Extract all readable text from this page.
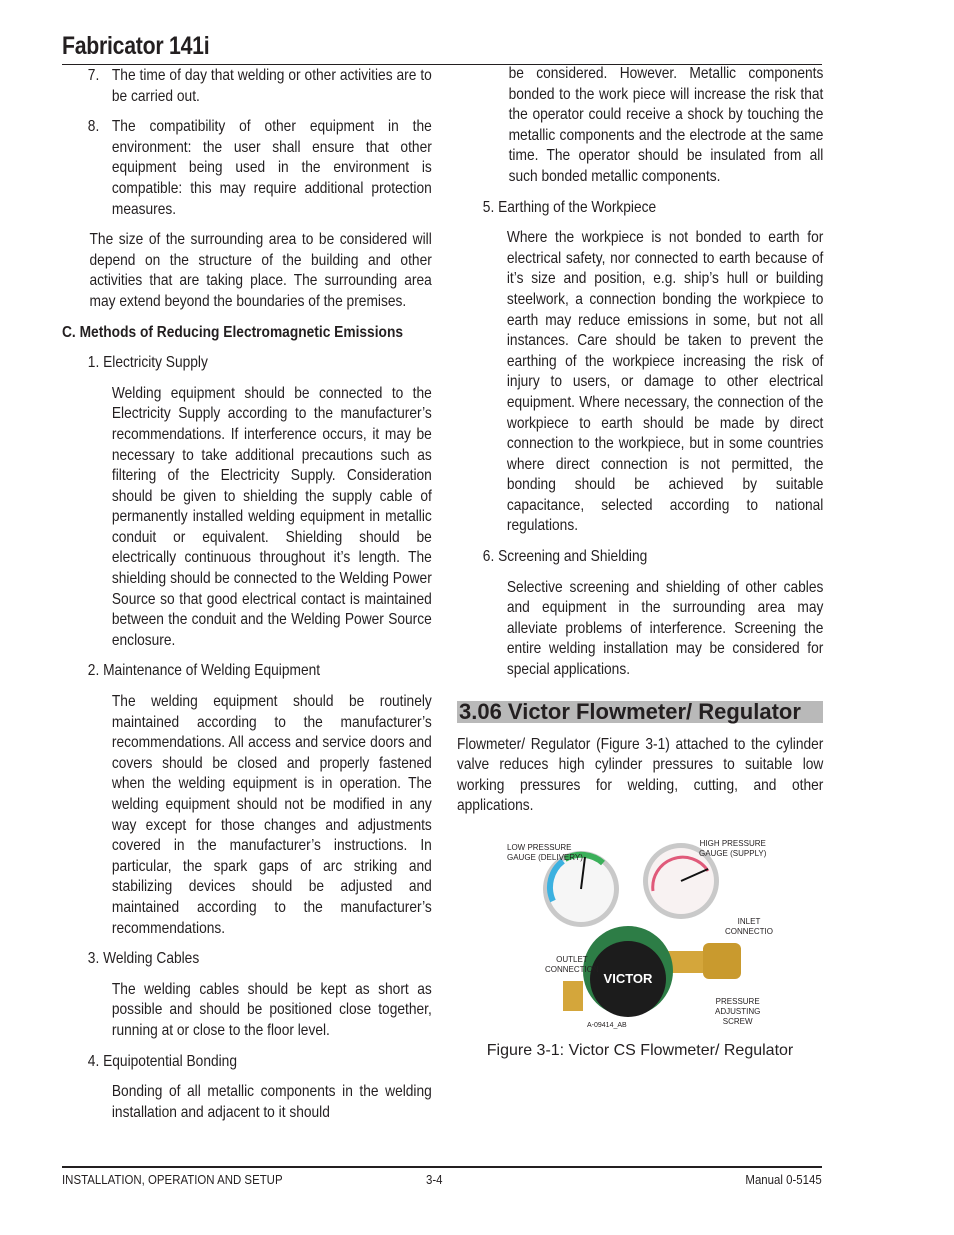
Fabricator 141i
7. The time of day that welding or other activities are to be carried out.
8. The compatibility of other equipment in the environment: the user shall ensure that other equipment being used in the environment is compatible: this may require additional protection measures.

The size of the surrounding area to be considered will depend on the structure of the building and other activities that are taking place. The surrounding area may extend beyond the boundaries of the premises.

C. Methods of Reducing Electromagnetic Emissions
1. Electricity Supply

Welding equipment should be connected to the Electricity Supply according to the manufacturer’s recommendations. If interference occurs, it may be necessary to take additional precautions such as filtering of the Electricity Supply. Consideration should be given to shielding the supply cable of permanently installed welding equipment in metallic conduit or equivalent. Shielding should be electrically continuous throughout it’s length. The shielding should be connected to the Welding Power Source so that good electrical contact is maintained between the conduit and the Welding Power Source enclosure.

2. Maintenance of Welding Equipment

The welding equipment should be routinely maintained according to the manufacturer’s recommendations. All access and service doors and covers should be closed and properly fastened when the welding equipment is in operation. The welding equipment should not be modified in any way except for those changes and adjustments covered in the manufacturer’s instructions. In particular, the spark gaps of arc striking and stabilizing devices should be adjusted and maintained according to the manufacturer’s recommendations.

3. Welding Cables

The welding cables should be kept as short as possible and should be positioned close together, running at or close to the floor level.

4. Equipotential Bonding

Bonding of all metallic components in the welding installation and adjacent to it should

be considered. However. Metallic components bonded to the work piece will increase the risk that the operator could receive a shock by touching the metallic components and the electrode at the same time. The operator should be insulated from all such bonded metallic components.

5. Earthing of the Workpiece

Where the workpiece is not bonded to earth for electrical safety, nor connected to earth because of it’s size and position, e.g. ship’s hull or building steelwork, a connection bonding the workpiece to earth may reduce emissions in some, but not all instances. Care should be taken to prevent the earthing of the workpiece increasing the risk of injury to users, or damage to other electrical equipment. Where necessary, the connection of the workpiece to earth should be made by direct connection to the workpiece, but in some countries where direct connection is not permitted, the bonding should be achieved by suitable capacitance, selected according to national regulations.

6. Screening and Shielding

Selective screening and shielding of other cables and equipment in the surrounding area may alleviate problems of interference. Screening the entire welding installation may be considered for special applications.

3.06 Victor Flowmeter/ Regulator

Flowmeter/ Regulator (Figure 3-1) attached to the cylinder valve reduces high cylinder pressures to suitable low working pressures for welding, cutting, and other applications.

VICTOR
LOW PRESSURE
GAUGE (DELIVERY)
HIGH PRESSURE
GAUGE (SUPPLY)
INLET
CONNECTIO
OUTLET
CONNECTION
PRESSURE
ADJUSTING
SCREW
A-09414_AB
Figure 3-1: Victor CS Flowmeter/ Regulator
INSTALLATION, OPERATION AND SETUP	3-4	Manual 0-5145
